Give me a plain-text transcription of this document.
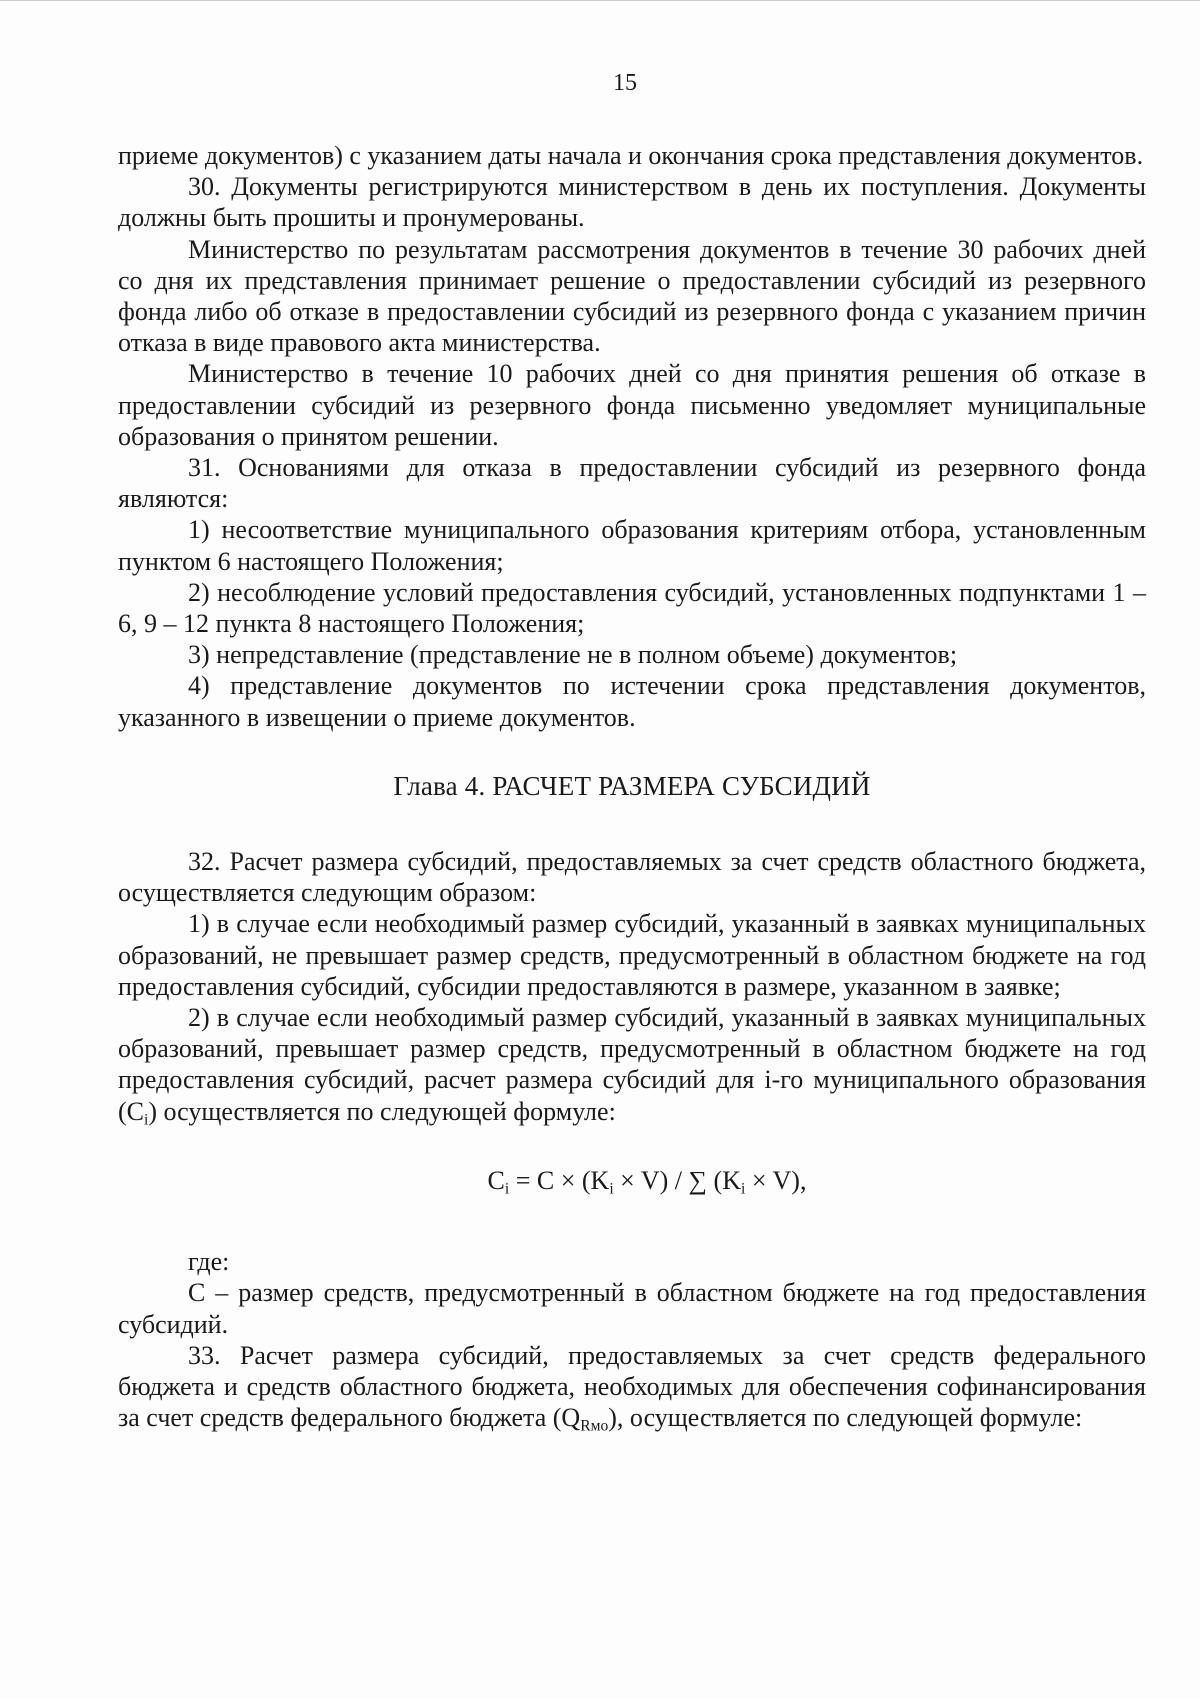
15

приеме документов) с указанием даты начала и окончания срока представления документов.

30. Документы регистрируются министерством в день их поступления. Документы должны быть прошиты и пронумерованы.

Министерство по результатам рассмотрения документов в течение 30 рабочих дней со дня их представления принимает решение о предоставлении субсидий из резервного фонда либо об отказе в предоставлении субсидий из резервного фонда с указанием причин отказа в виде правового акта министерства.

Министерство в течение 10 рабочих дней со дня принятия решения об отказе в предоставлении субсидий из резервного фонда письменно уведомляет муниципальные образования о принятом решении.

31. Основаниями для отказа в предоставлении субсидий из резервного фонда являются:

1) несоответствие муниципального образования критериям отбора, установленным пунктом 6 настоящего Положения;

2) несоблюдение условий предоставления субсидий, установленных подпунктами 1 – 6, 9 – 12 пункта 8 настоящего Положения;

3) непредставление (представление не в полном объеме) документов;

4) представление документов по истечении срока представления документов, указанного в извещении о приеме документов.

Глава 4. РАСЧЕТ РАЗМЕРА СУБСИДИЙ

32. Расчет размера субсидий, предоставляемых за счет средств областного бюджета, осуществляется следующим образом:

1) в случае если необходимый размер субсидий, указанный в заявках муниципальных образований, не превышает размер средств, предусмотренный в областном бюджете на год предоставления субсидий, субсидии предоставляются в размере, указанном в заявке;

2) в случае если необходимый размер субсидий, указанный в заявках муниципальных образований, превышает размер средств, предусмотренный в областном бюджете на год предоставления субсидий, расчет размера субсидий для i-го муниципального образования $(C_i)$ осуществляется по следующей формуле:

$C_i = C \times (K_i \times V)$ / ∑ $(K_i \times V)$,

где:

C – размер средств, предусмотренный в областном бюджете на год предоставления субсидий.

33. Расчет размера субсидий, предоставляемых за счет средств федерального бюджета и средств областного бюджета, необходимых для обеспечения софинансирования за счет средств федерального бюджета $(Q_{Rмо})$, осуществляется по следующей формуле:
